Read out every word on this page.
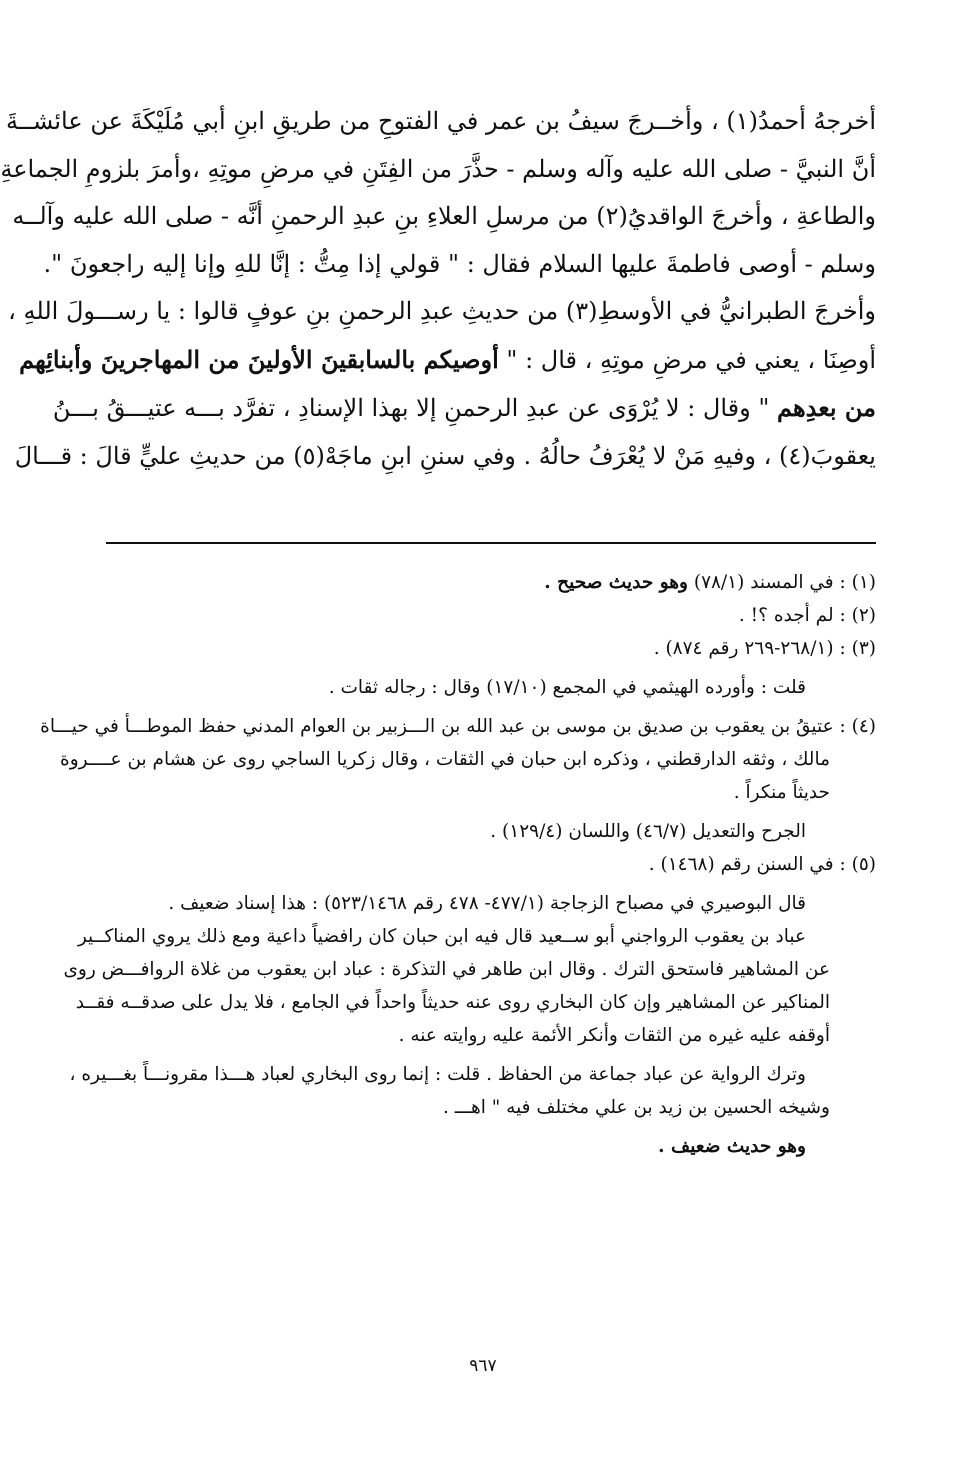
أخرجهُ أحمدُ(١) ، وأخــرجَ سيفُ بن عمر في الفتوحِ من طريقِ ابنِ أبي مُلَيْكَةَ عن عائشــةَ
أنَّ النبيَّ - صلى الله عليه وآله وسلم - حذَّرَ من الفِتَنِ في مرضِ موتِهِ ،وأمرَ بلزومِ الجماعةِ
والطاعةِ ، وأخرجَ الواقديُ(٢) من مرسلِ العلاءِ بنِ عبدِ الرحمنِ أنَّه - صلى الله عليه وآلــه
وسلم - أوصى فاطمةَ عليها السلام فقال : " قولي إذا مِتُّ : إنَّا للهِ وإنا إليه راجعونَ ".
وأخرجَ الطبرانيُّ في الأوسطِ(٣) من حديثِ عبدِ الرحمنِ بنِ عوفٍ قالوا : يا رســـولَ اللهِ ،
أوصِنَا ، يعني في مرضِ موتِهِ ، قال : " أوصيكم بالسابقينَ الأولينَ من المهاجرينَ وأبنائِهم
من بعدِهم " وقال : لا يُرْوَى عن عبدِ الرحمنِ إلا بهذا الإسنادِ ، تفرَّد بـــه عتيـــقُ بـــنُ
يعقوبَ(٤) ، وفيهِ مَنْ لا يُعْرَفُ حالُهُ . وفي سننِ ابنِ ماجَهْ(٥) من حديثِ عليٍّ قالَ : قـــالَ
(١) : في المسند (٧٨/١) وهو حديث صحيح .
(٢) : لم أجده ؟! .
(٣) : (٢٦٨/١-٢٦٩ رقم ٨٧٤) .
قلت : وأورده الهيثمي في المجمع (١٧/١٠) وقال : رجاله ثقات .
(٤) : عتيقُ بن يعقوب بن صديق بن موسى بن عبد الله بن الـــزبير بن العوام المدني حفظ الموطـــأ في حيـــاة
مالك ، وثقه الدارقطني ، وذكره ابن حبان في الثقات ، وقال زكريا الساجي روى عن هشام بن عــــروة
حديثاً منكراً .
الجرح والتعديل (٤٦/٧) واللسان (١٢٩/٤) .
(٥) : في السنن رقم (١٤٦٨) .
قال البوصيري في مصباح الزجاجة (٤٧٧/١- ٤٧٨ رقم ٥٢٣/١٤٦٨) : هذا إسناد ضعيف .
عباد بن يعقوب الرواجني أبو ســعيد قال فيه ابن حبان كان رافضياً داعية ومع ذلك يروي المناكــير
عن المشاهير فاستحق الترك . وقال ابن طاهر في التذكرة : عباد ابن يعقوب من غلاة الروافـــض روى
المناكير عن المشاهير وإن كان البخاري روى عنه حديثاً واحداً في الجامع ، فلا يدل على صدقــه فقــد
أوقفه عليه غيره من الثقات وأنكر الأئمة عليه روايته عنه .
وترك الرواية عن عباد جماعة من الحفاظ . قلت : إنما روى البخاري لعباد هـــذا مقرونـــاً بغـــيره ،
وشيخه الحسين بن زيد بن علي مختلف فيه " اهـــ .
وهو حديث ضعيف .
٩٦٧
